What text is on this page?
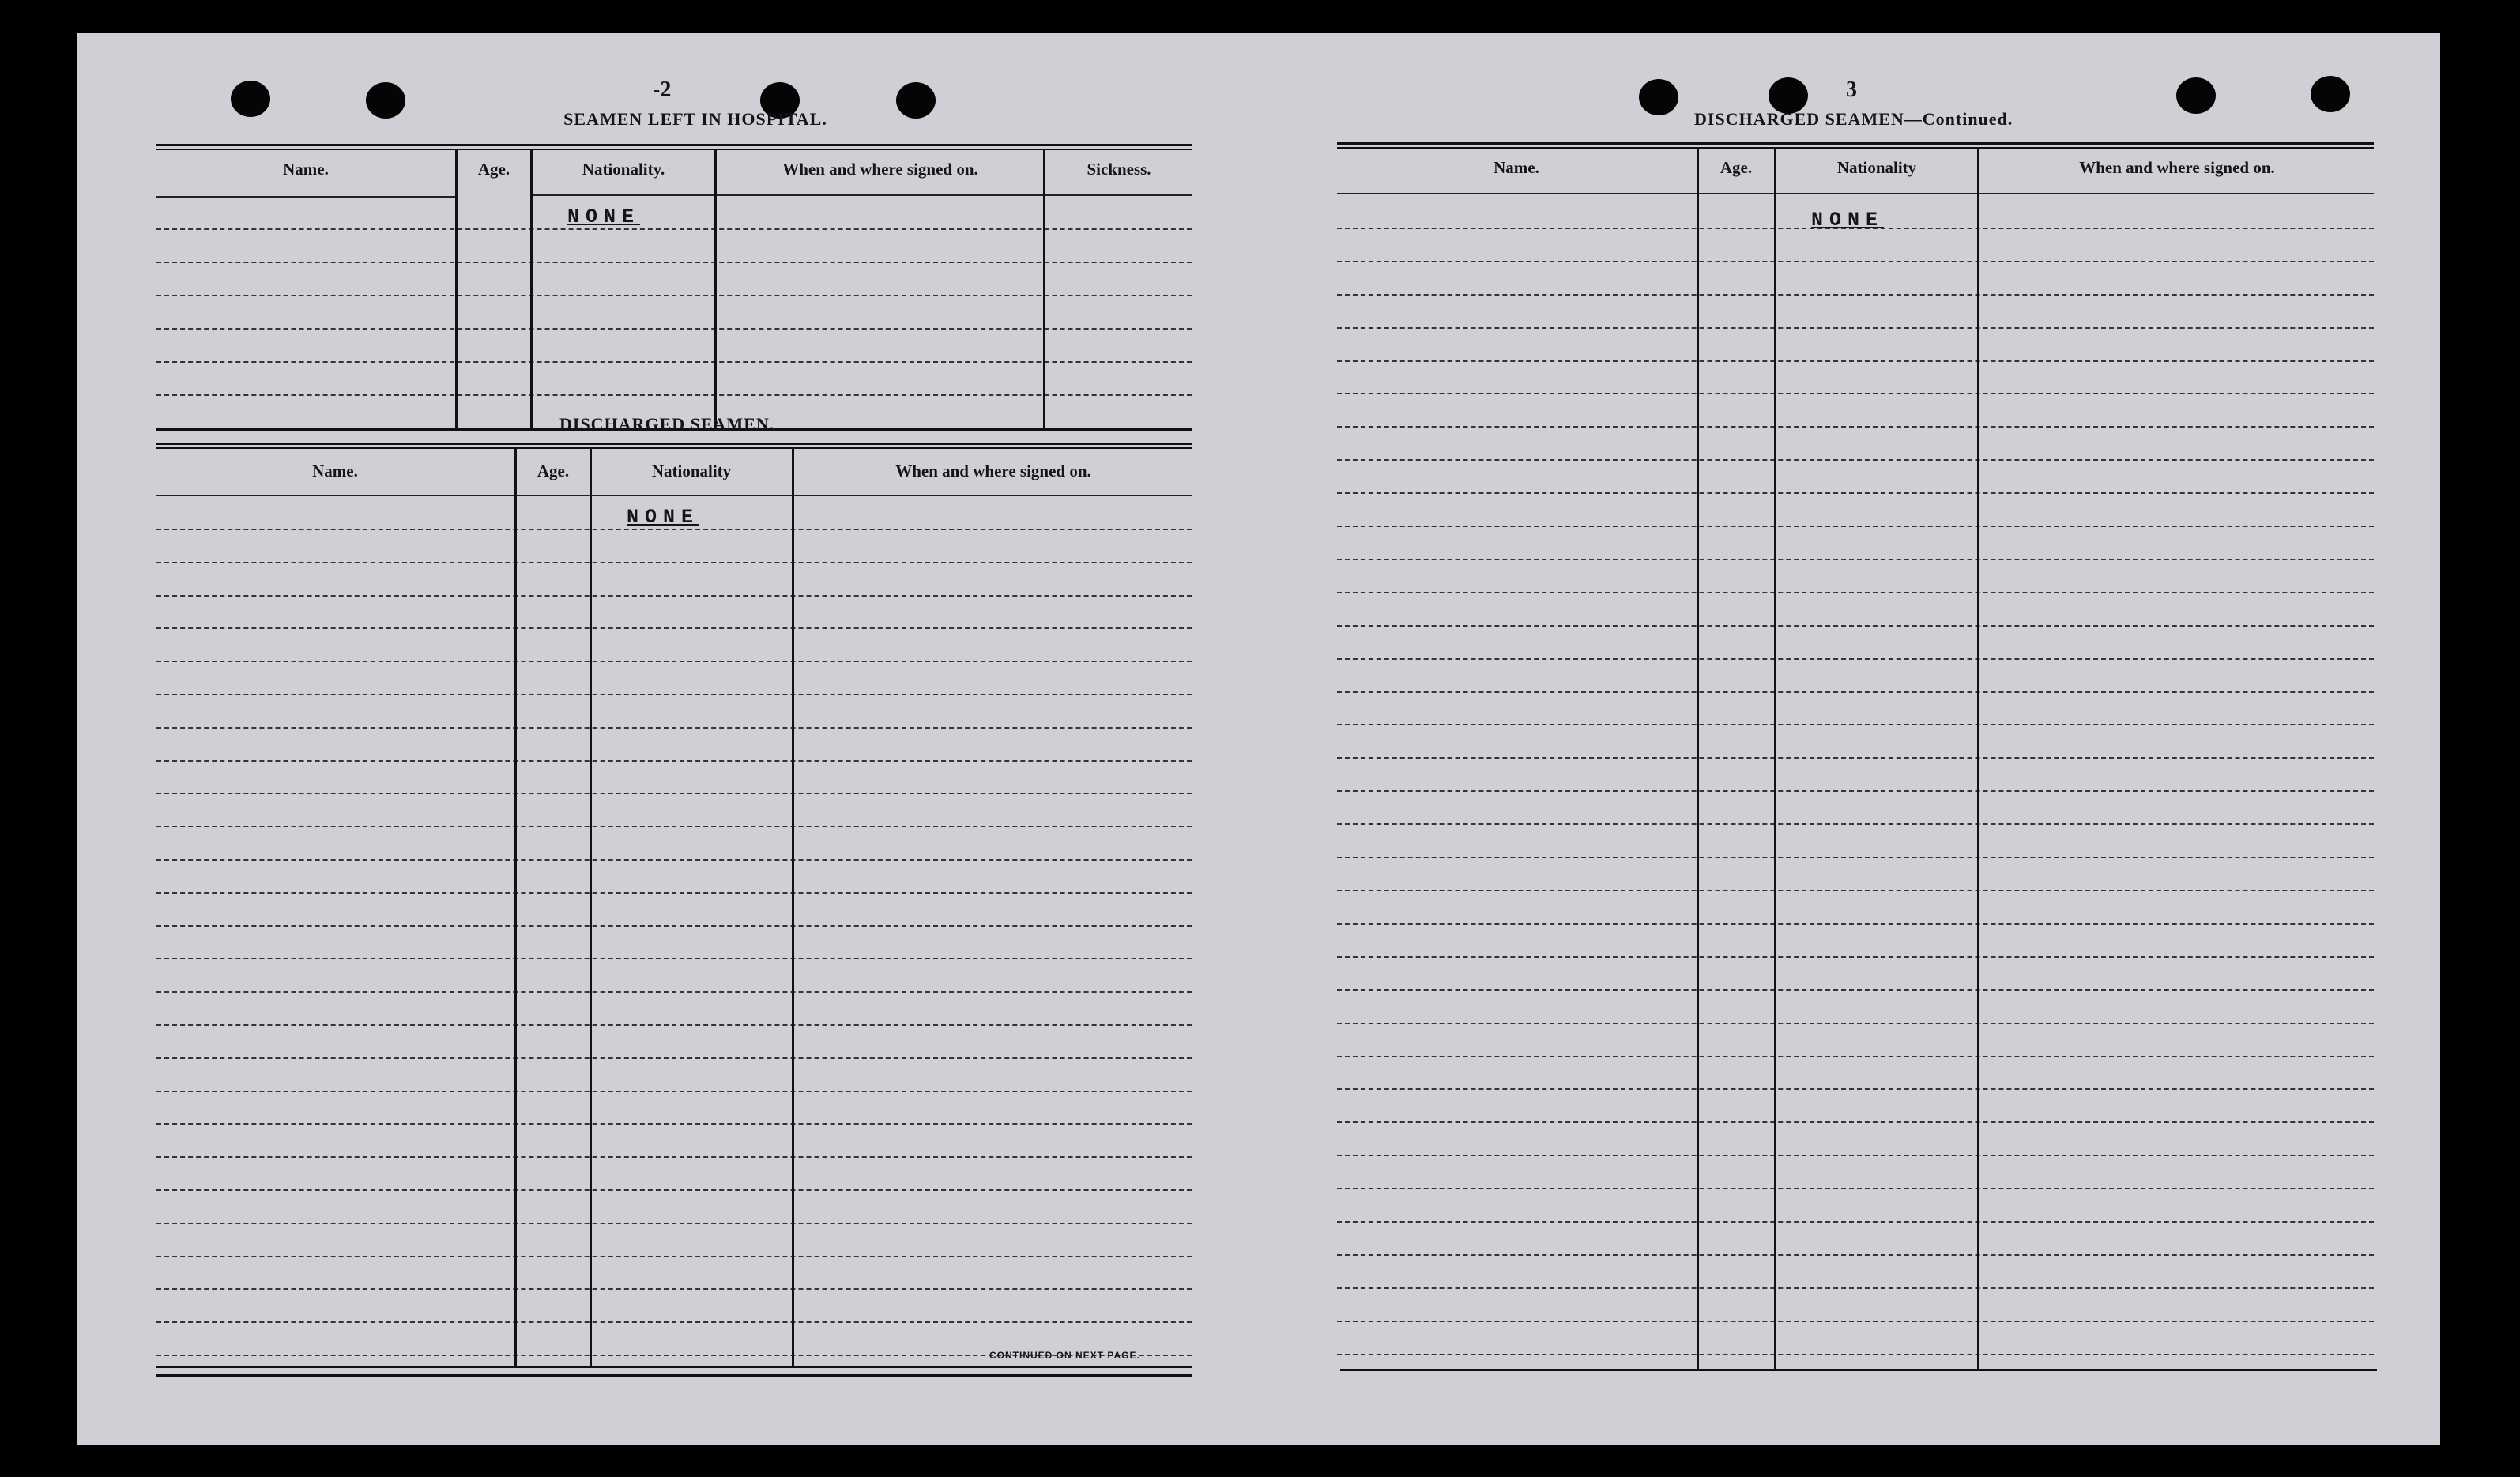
-2
SEAMEN LEFT IN HOSPITAL.
Name.	Age.	Nationality.	When and where signed on.	Sickness.
NONE
DISCHARGED SEAMEN.
Name.	Age.	Nationality	When and where signed on.
NONE
CONTINUED ON NEXT PAGE.
3
DISCHARGED SEAMEN—Continued.
Name.	Age.	Nationality	When and where signed on.
NONE
